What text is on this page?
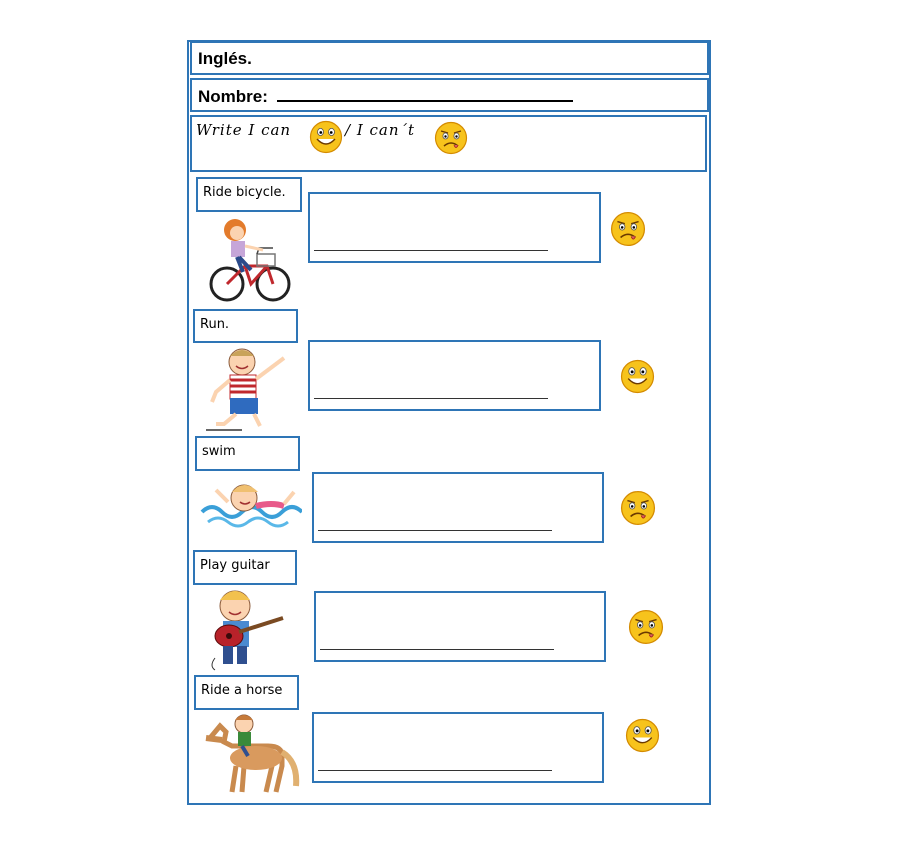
Inglés.
Nombre:
Write I can	/ I can´t
Ride bicycle.
Run.
swim
Play guitar
Ride a horse
